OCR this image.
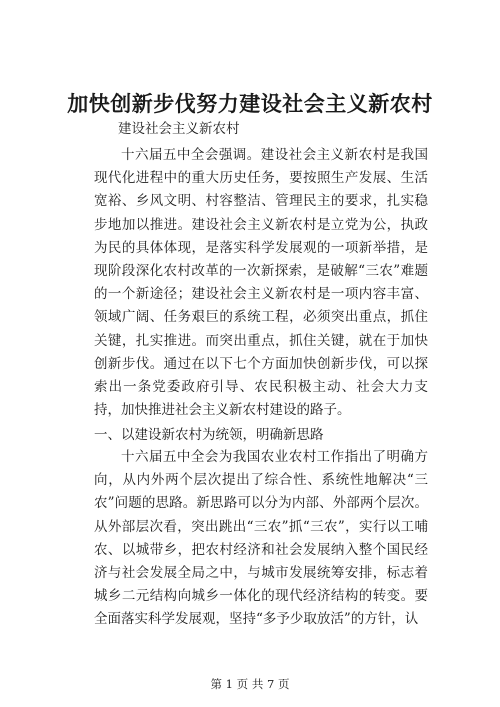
加快创新步伐努力建设社会主义新农村
建设社会主义新农村
十六届五中全会强调。建设社会主义新农村是我国现代化进程中的重大历史任务，要按照生产发展、生活宽裕、乡风文明、村容整洁、管理民主的要求，扎实稳步地加以推进。建设社会主义新农村是立党为公，执政为民的具体体现，是落实科学发展观的一项新举措，是现阶段深化农村改革的一次新探索，是破解“三农”难题的一个新途径；建设社会主义新农村是一项内容丰富、领域广阔、任务艰巨的系统工程，必须突出重点，抓住关键，扎实推进。而突出重点，抓住关键，就在于加快创新步伐。通过在以下七个方面加快创新步伐，可以探索出一条党委政府引导、农民积极主动、社会大力支持，加快推进社会主义新农村建设的路子。
一、以建设新农村为统领，明确新思路
十六届五中全会为我国农业农村工作指出了明确方向，从内外两个层次提出了综合性、系统性地解决“三农”问题的思路。新思路可以分为内部、外部两个层次。从外部层次看，突出跳出“三农”抓“三农”，实行以工哺农、以城带乡，把农村经济和社会发展纳入整个国民经济与社会发展全局之中，与城市发展统筹安排，标志着城乡二元结构向城乡一体化的现代经济结构的转变。要全面落实科学发展观，坚持“多予少取放活”的方针，认
第 1 页 共 7 页
